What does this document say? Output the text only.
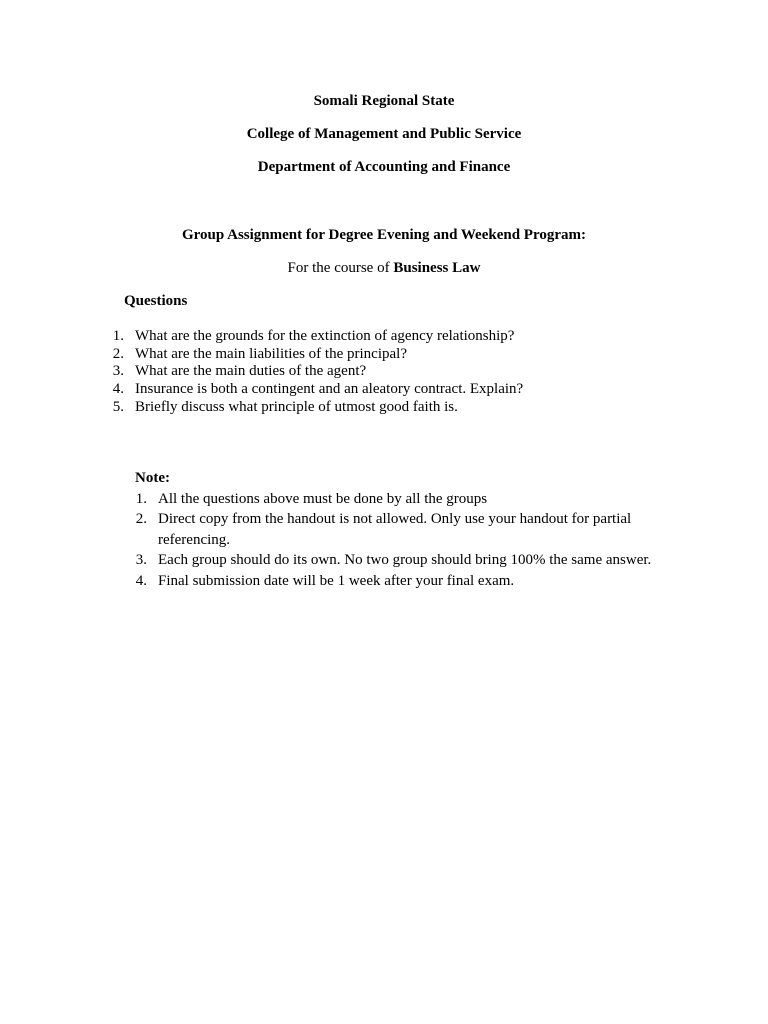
Somali Regional State
College of Management and Public Service
Department of Accounting and Finance
Group Assignment for Degree Evening and Weekend Program:
For the course of Business Law
Questions
1. What are the grounds for the extinction of agency relationship?
2. What are the main liabilities of the principal?
3. What are the main duties of the agent?
4. Insurance is both a contingent and an aleatory contract. Explain?
5. Briefly discuss what principle of utmost good faith is.
Note:
1. All the questions above must be done by all the groups
2. Direct copy from the handout is not allowed. Only use your handout for partial
referencing.
3. Each group should do its own. No two group should bring 100% the same answer.
4. Final submission date will be 1 week after your final exam.
